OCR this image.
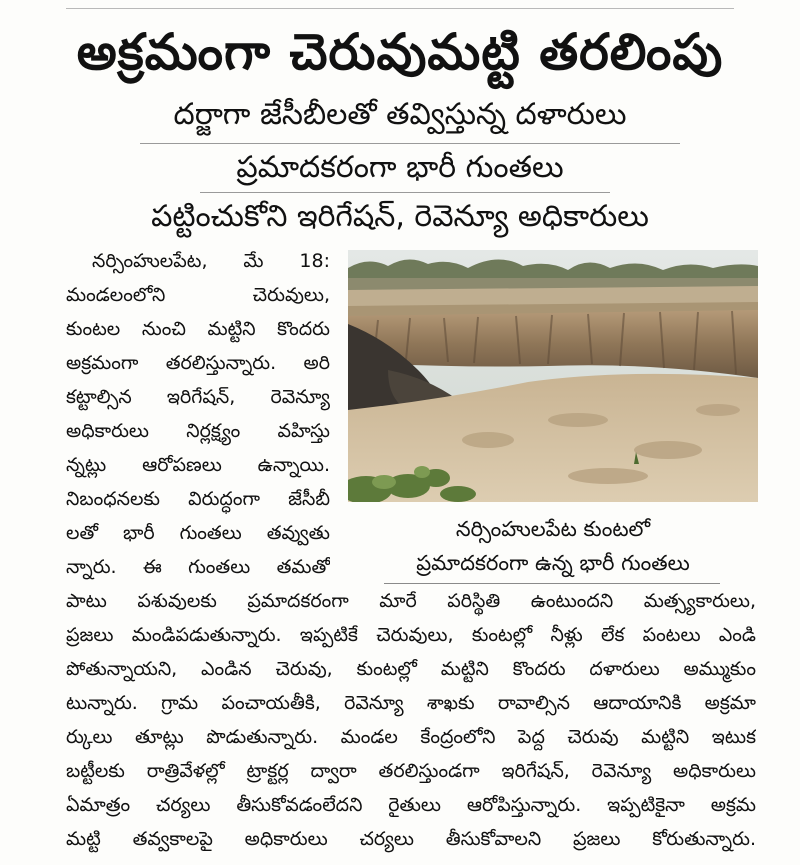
అక్రమంగా చెరువుమట్టి తరలింపు
దర్జాగా జేసీబీలతో తవ్విస్తున్న దళారులు
ప్రమాదకరంగా భారీ గుంతలు
పట్టించుకోని ఇరిగేషన్, రెవెన్యూ అధికారులు
నర్సింహులపేట, మే 18:
మండలంలోని చెరువులు,
కుంటల నుంచి మట్టిని కొందరు
అక్రమంగా తరలిస్తున్నారు. అరి
కట్టాల్సిన ఇరిగేషన్, రెవెన్యూ
అధికారులు నిర్లక్ష్యం వహిస్తు
న్నట్లు ఆరోపణలు ఉన్నాయి.
నిబంధనలకు విరుద్ధంగా జేసీబీ
లతో భారీ గుంతలు తవ్వుతు
న్నారు. ఈ గుంతలు తమతో
నర్సింహులపేట కుంటలో
ప్రమాదకరంగా ఉన్న భారీ గుంతలు
పాటు పశువులకు ప్రమాదకరంగా మారే పరిస్థితి ఉంటుందని మత్స్యకారులు,
ప్రజలు మండిపడుతున్నారు. ఇప్పటికే చెరువులు, కుంటల్లో నీళ్లు లేక పంటలు ఎండి
పోతున్నాయని, ఎండిన చెరువు, కుంటల్లో మట్టిని కొందరు దళారులు అమ్ముకుం
టున్నారు. గ్రామ పంచాయతీకి, రెవెన్యూ శాఖకు రావాల్సిన ఆదాయానికి అక్రమా
ర్కులు తూట్లు పొడుతున్నారు. మండల కేంద్రంలోని పెద్ద చెరువు మట్టిని ఇటుక
బట్టీలకు రాత్రివేళల్లో ట్రాక్టర్ల ద్వారా తరలిస్తుండగా ఇరిగేషన్, రెవెన్యూ అధికారులు
ఏమాత్రం చర్యలు తీసుకోవడంలేదని రైతులు ఆరోపిస్తున్నారు. ఇప్పటికైనా అక్రమ
మట్టి తవ్వకాలపై అధికారులు చర్యలు తీసుకోవాలని ప్రజలు కోరుతున్నారు.
